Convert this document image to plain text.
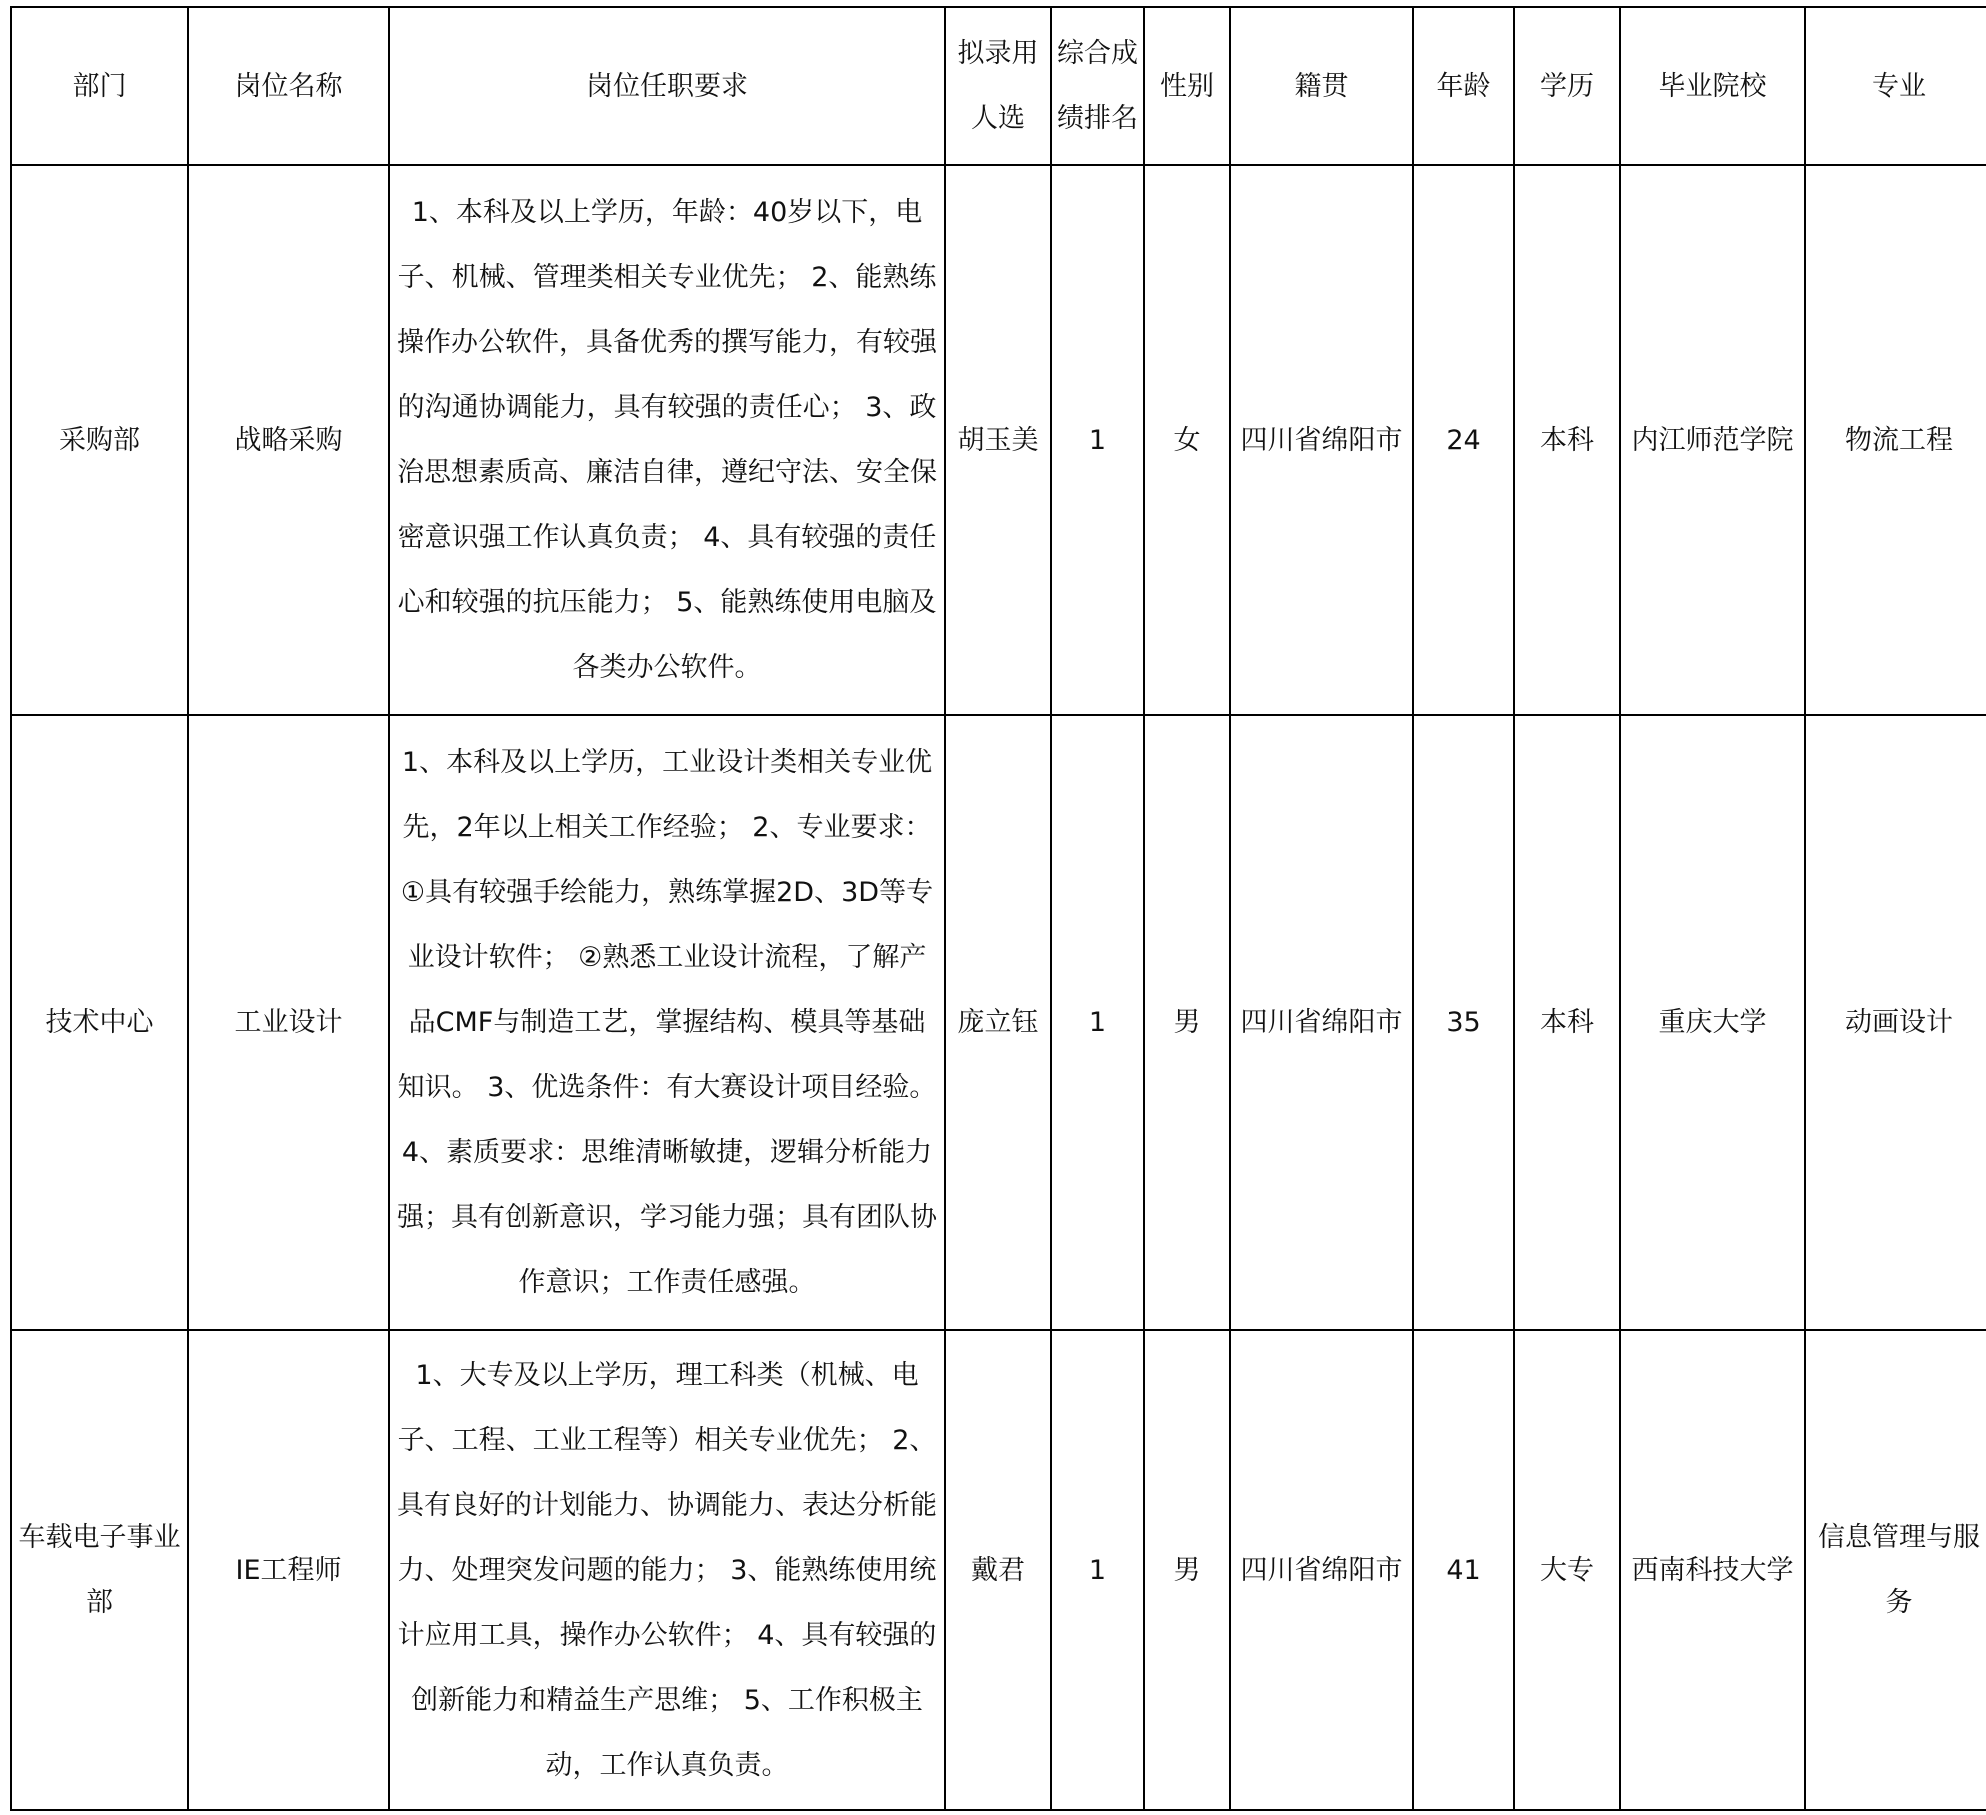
部门	岗位名称	岗位任职要求	拟录用人选	综合成绩排名	性别	籍贯	年龄	学历	毕业院校	专业
采购部	战略采购	1、本科及以上学历，年龄：40岁以下，电子、机械、管理类相关专业优先； 2、能熟练操作办公软件，具备优秀的撰写能力，有较强的沟通协调能力，具有较强的责任心； 3、政治思想素质高、廉洁自律，遵纪守法、安全保密意识强工作认真负责； 4、具有较强的责任心和较强的抗压能力； 5、能熟练使用电脑及各类办公软件。	胡玉美	1	女	四川省绵阳市	24	本科	内江师范学院	物流工程
技术中心	工业设计	1、本科及以上学历，工业设计类相关专业优先，2年以上相关工作经验； 2、专业要求：①具有较强手绘能力，熟练掌握2D、3D等专业设计软件； ②熟悉工业设计流程，了解产品CMF与制造工艺，掌握结构、模具等基础知识。 3、优选条件：有大赛设计项目经验。 4、素质要求：思维清晰敏捷，逻辑分析能力强；具有创新意识，学习能力强；具有团队协作意识；工作责任感强。	庞立钰	1	男	四川省绵阳市	35	本科	重庆大学	动画设计
车载电子事业部	IE工程师	1、大专及以上学历，理工科类（机械、电子、工程、工业工程等）相关专业优先； 2、具有良好的计划能力、协调能力、表达分析能力、处理突发问题的能力； 3、能熟练使用统计应用工具，操作办公软件； 4、具有较强的创新能力和精益生产思维； 5、工作积极主动，工作认真负责。	戴君	1	男	四川省绵阳市	41	大专	西南科技大学	信息管理与服务
